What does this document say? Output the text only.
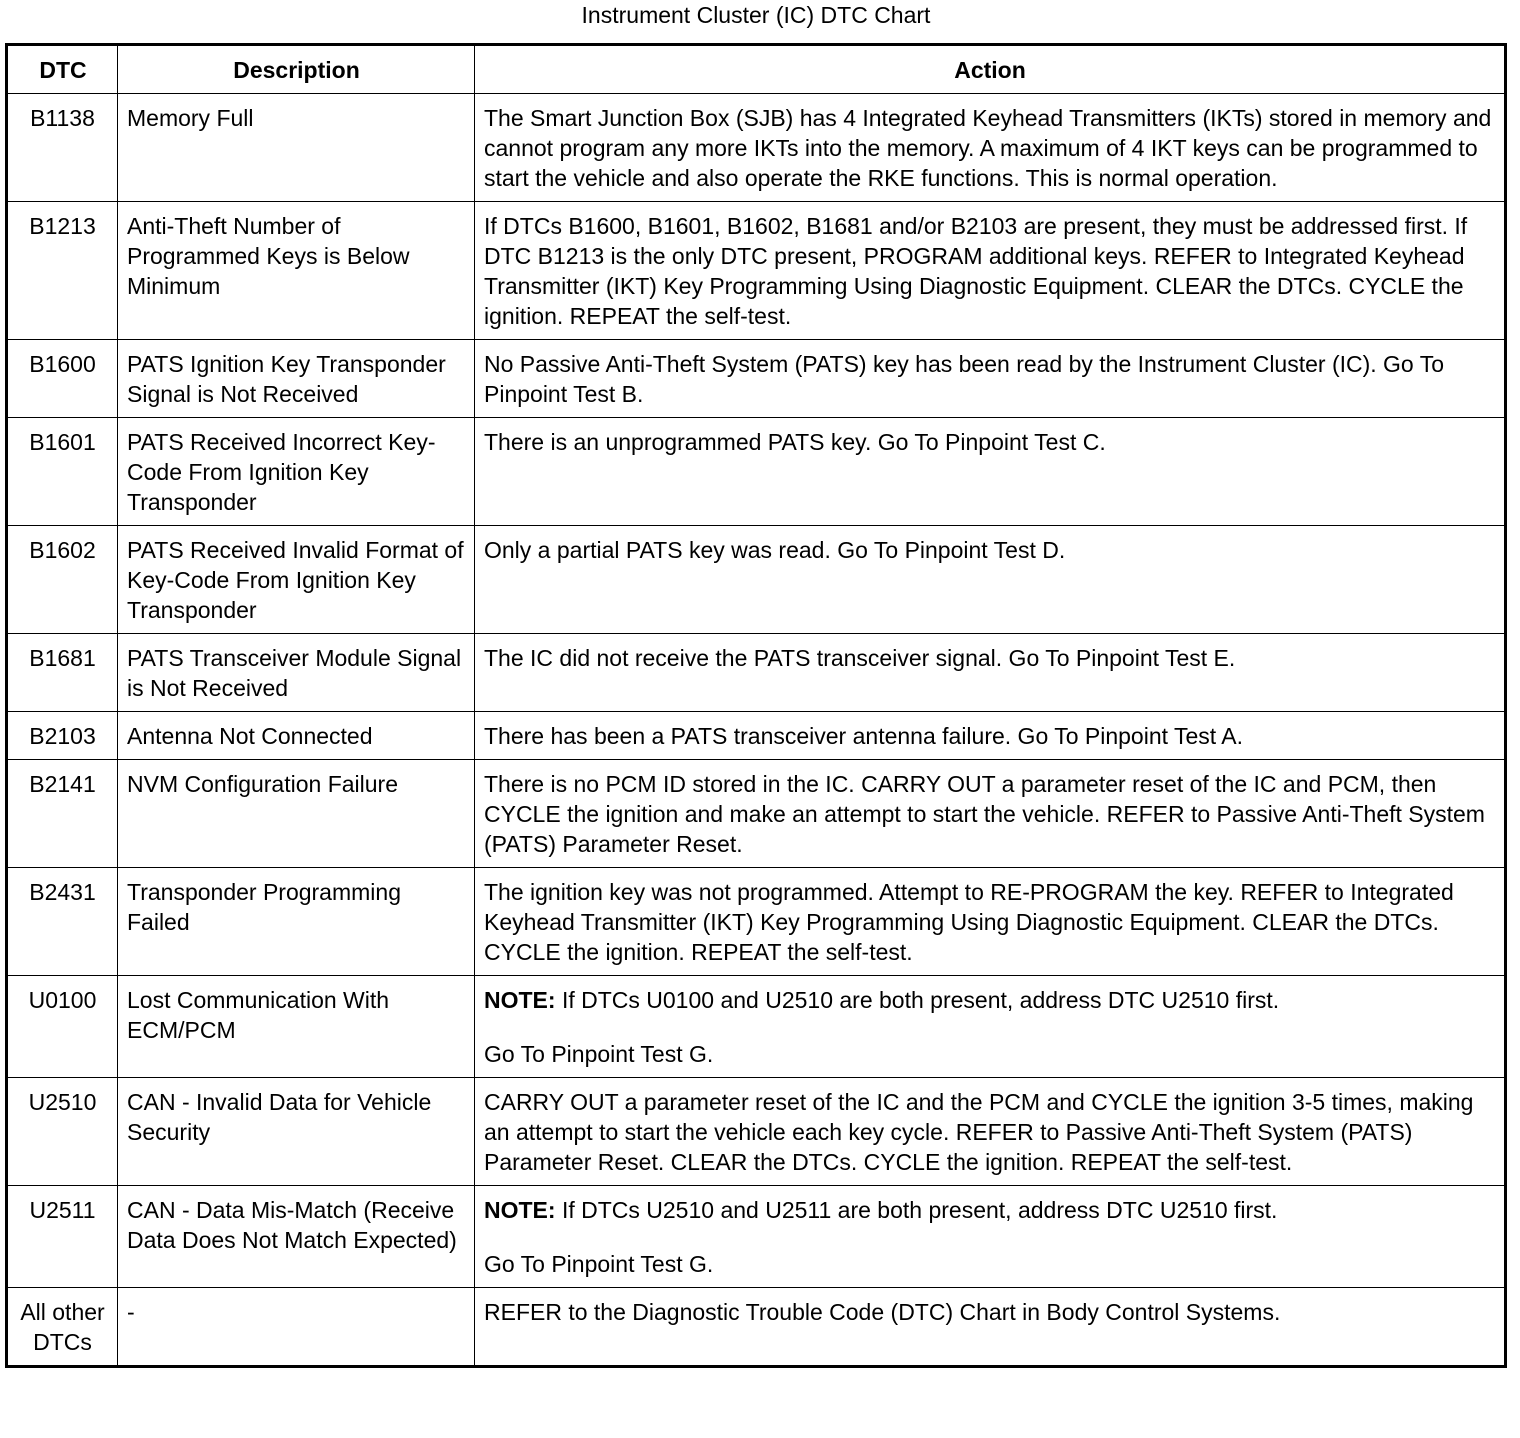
Instrument Cluster (IC) DTC Chart
DTC	Description	Action
B1138	Memory Full	The Smart Junction Box (SJB) has 4 Integrated Keyhead Transmitters (IKTs) stored in memory and cannot program any more IKTs into the memory. A maximum of 4 IKT keys can be programmed to start the vehicle and also operate the RKE functions. This is normal operation.

B1213	Anti-Theft Number of Programmed Keys is Below Minimum	If DTCs B1600, B1601, B1602, B1681 and/or B2103 are present, they must be addressed first. If DTC B1213 is the only DTC present, PROGRAM additional keys. REFER to Integrated Keyhead Transmitter (IKT) Key Programming Using Diagnostic Equipment. CLEAR the DTCs. CYCLE the ignition. REPEAT the self-test.

B1600	PATS Ignition Key Transponder Signal is Not Received	No Passive Anti-Theft System (PATS) key has been read by the Instrument Cluster (IC). Go To Pinpoint Test B.

B1601	PATS Received Incorrect Key-Code From Ignition Key Transponder	There is an unprogrammed PATS key. Go To Pinpoint Test C.

B1602	PATS Received Invalid Format of Key-Code From Ignition Key Transponder	Only a partial PATS key was read. Go To Pinpoint Test D.

B1681	PATS Transceiver Module Signal is Not Received	The IC did not receive the PATS transceiver signal. Go To Pinpoint Test E.

B2103	Antenna Not Connected	There has been a PATS transceiver antenna failure. Go To Pinpoint Test A.

B2141	NVM Configuration Failure	There is no PCM ID stored in the IC. CARRY OUT a parameter reset of the IC and PCM, then CYCLE the ignition and make an attempt to start the vehicle. REFER to Passive Anti-Theft System (PATS) Parameter Reset.

B2431	Transponder Programming Failed	The ignition key was not programmed. Attempt to RE-PROGRAM the key. REFER to Integrated Keyhead Transmitter (IKT) Key Programming Using Diagnostic Equipment. CLEAR the DTCs. CYCLE the ignition. REPEAT the self-test.

U0100	Lost Communication With ECM/PCM	NOTE: If DTCs U0100 and U2510 are both present, address DTC U2510 first.
Go To Pinpoint Test G.

U2510	CAN - Invalid Data for Vehicle Security	CARRY OUT a parameter reset of the IC and the PCM and CYCLE the ignition 3-5 times, making an attempt to start the vehicle each key cycle. REFER to Passive Anti-Theft System (PATS) Parameter Reset. CLEAR the DTCs. CYCLE the ignition. REPEAT the self-test.

U2511	CAN - Data Mis-Match (Receive Data Does Not Match Expected)	NOTE: If DTCs U2510 and U2511 are both present, address DTC U2510 first.
Go To Pinpoint Test G.

All other DTCs	-	REFER to the Diagnostic Trouble Code (DTC) Chart in Body Control Systems.
